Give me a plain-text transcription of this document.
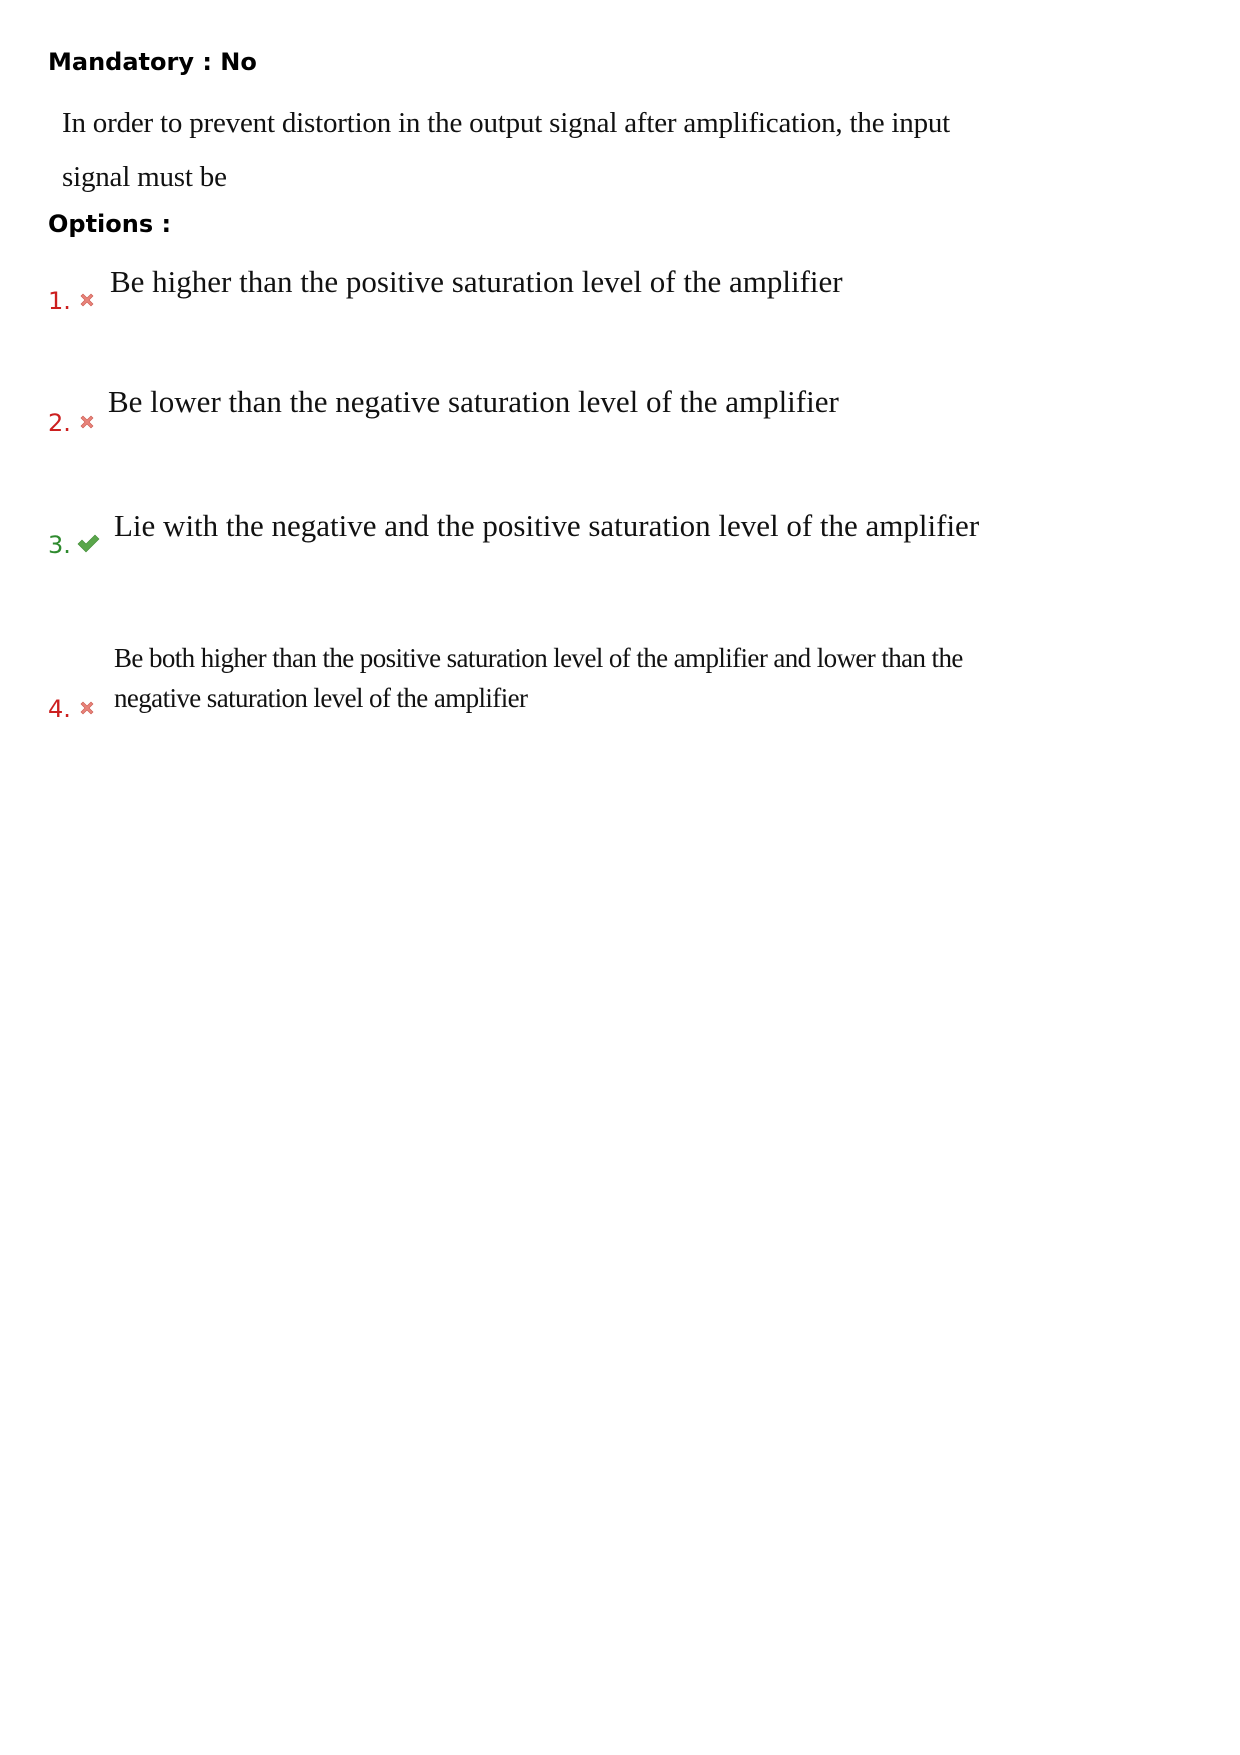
Mandatory : No
In order to prevent distortion in the output signal after amplification, the input signal must be
Options :
1.
Be higher than the positive saturation level of the amplifier
2.
Be lower than the negative saturation level of the amplifier
3.
Lie with the negative and the positive saturation level of the amplifier
4.
Be both higher than the positive saturation level of the amplifier and lower than the negative saturation level of the amplifier
